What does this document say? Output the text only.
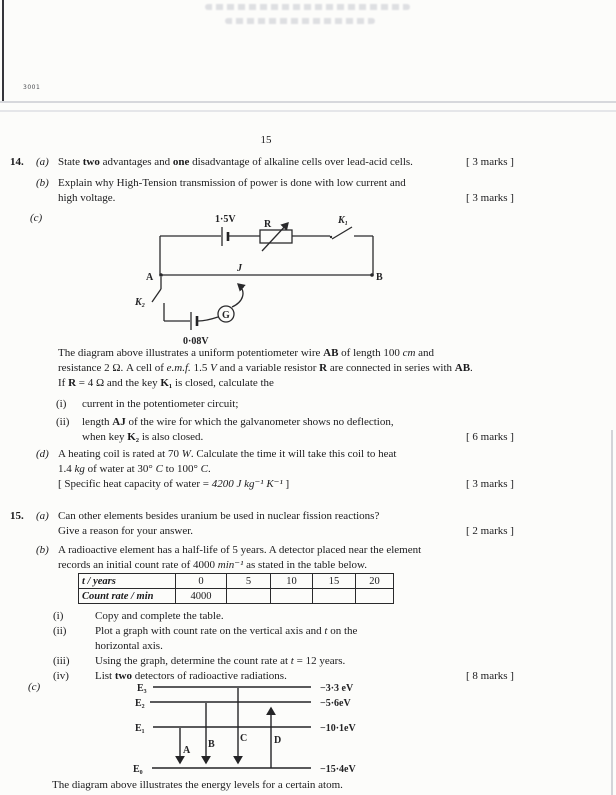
3001
15
14. (a) State two advantages and one disadvantage of alkaline cells over lead-acid cells.	[ 3 marks ]
(b) Explain why High-Tension transmission of power is done with low current and
high voltage.	[ 3 marks ]
(c)	1·5V	R	K₁
J
A	B
K₂
G
0·08V
The diagram above illustrates a uniform potentiometer wire AB of length 100 cm and
resistance 2 Ω. A cell of e.m.f. 1.5 V and a variable resistor R are connected in series with AB.
If R = 4 Ω and the key K₁ is closed, calculate the
(i) current in the potentiometer circuit;
(ii) length AJ of the wire for which the galvanometer shows no deflection,
when key K₂ is also closed.	[ 6 marks ]
(d) A heating coil is rated at 70 W. Calculate the time it will take this coil to heat
1.4 kg of water at 30° C to 100° C.
[ Specific heat capacity of water = 4200 J kg⁻¹ K⁻¹ ]	[ 3 marks ]
15. (a) Can other elements besides uranium be used in nuclear fission reactions?
Give a reason for your answer.	[ 2 marks ]
(b) A radioactive element has a half-life of 5 years. A detector placed near the element
records an initial count rate of 4000 min⁻¹ as stated in the table below.
t / years	0	5	10	15	20
Count rate / min	4000				
(i)	Copy and complete the table.
(ii)	Plot a graph with count rate on the vertical axis and t on the
horizontal axis.
(iii) Using the graph, determine the count rate at t = 12 years.
(iv) List two detectors of radioactive radiations.	[ 8 marks ]
(c)	E₃
E₂
E₁
E₀
−3·3 eV
−5·6eV
−10·1eV
−15·4eV
A
B
C	D
The diagram above illustrates the energy levels for a certain atom.
